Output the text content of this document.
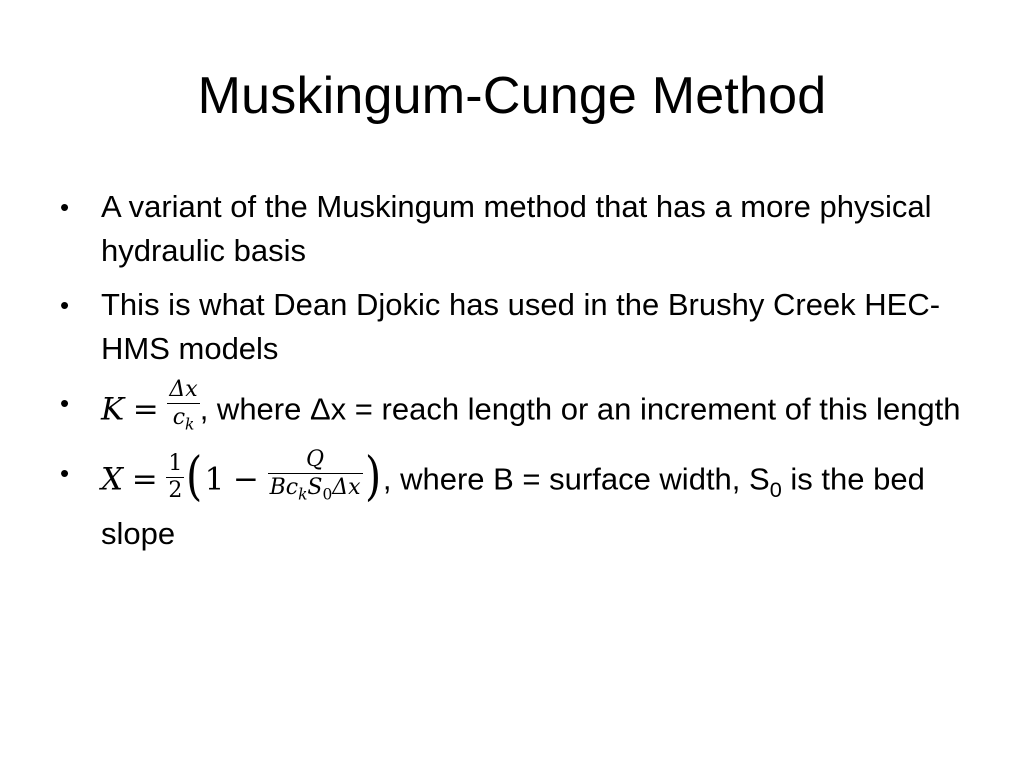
Muskingum-Cunge Method
•	A variant of the Muskingum method that has a more physical hydraulic basis
•	This is what Dean Djokic has used in the Brushy Creek HEC-HMS models
•	$K = \frac{\Delta x}{c_k}$ , where Δx = reach length or an increment of this length
•	$X = \frac{1}{2} (1 - \frac{Q}{Bc_kS_0\Delta x}$ ), where B = surface width, $S_0$ is the bed slope
